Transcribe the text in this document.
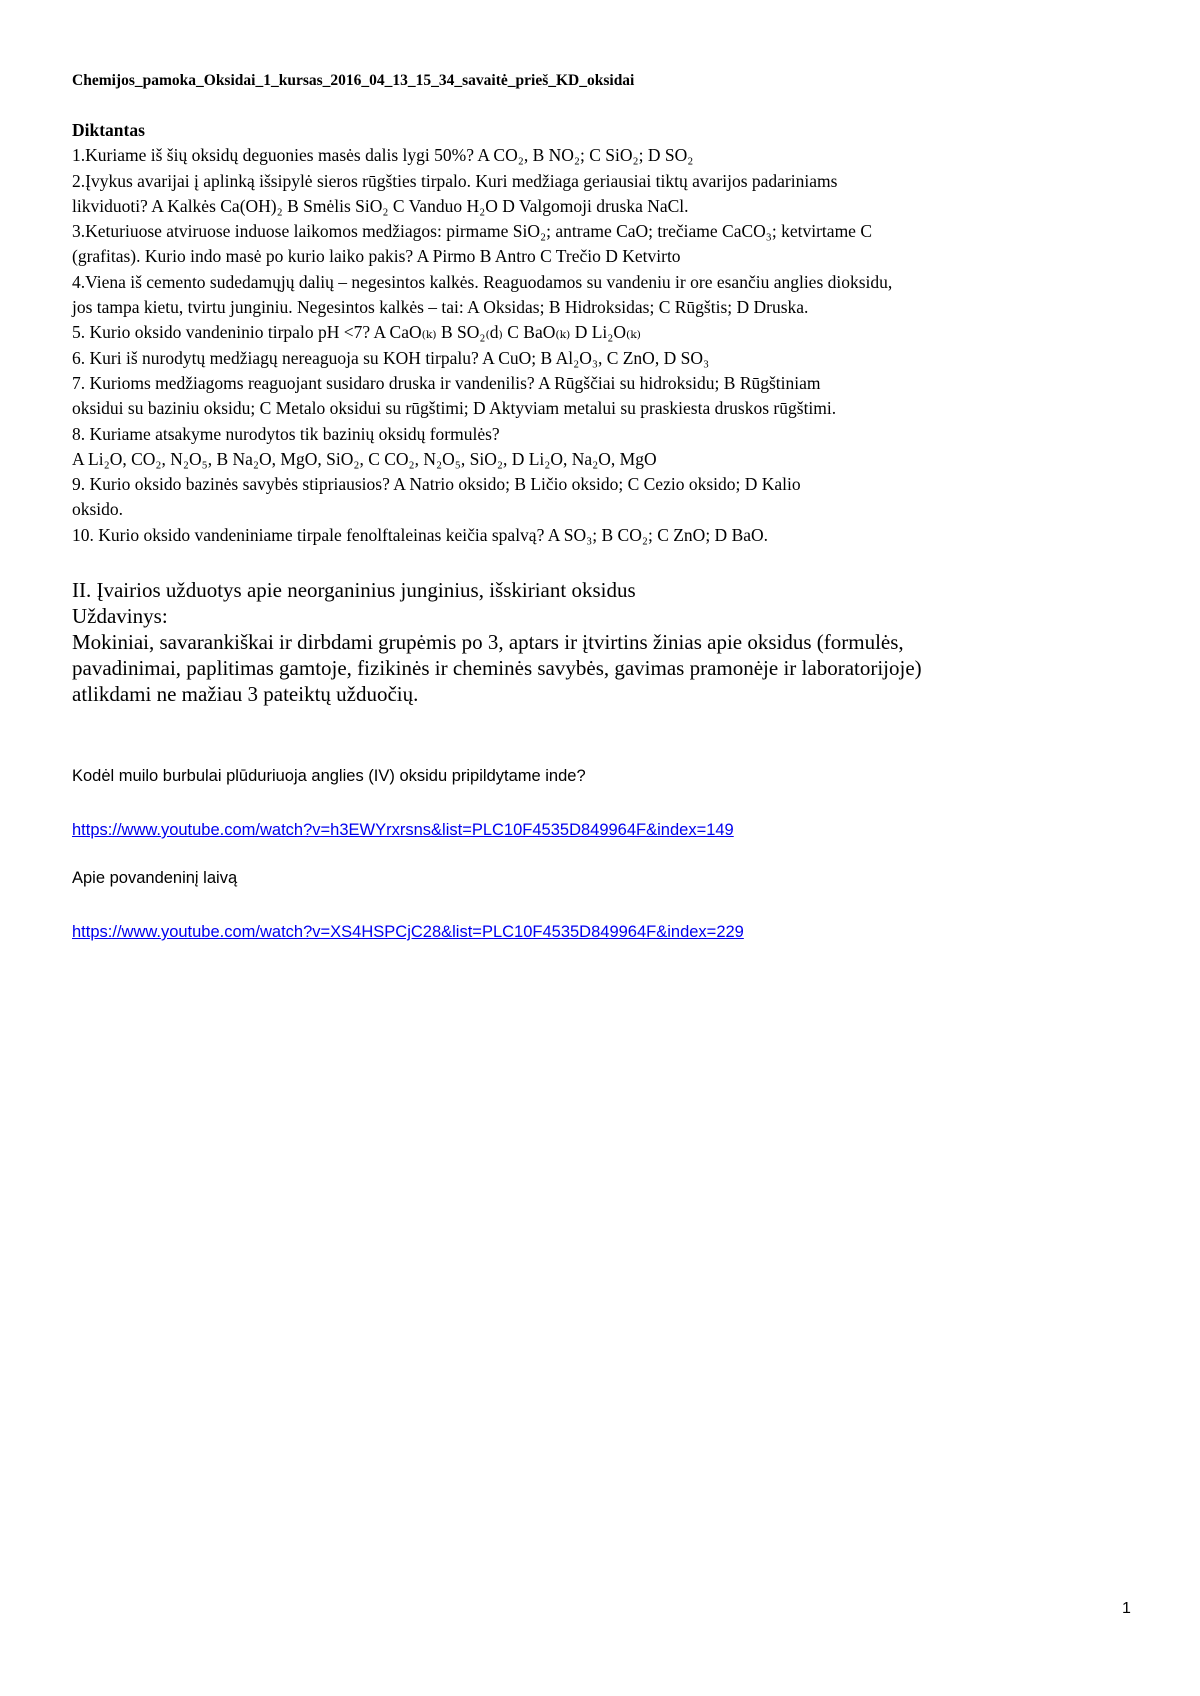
Chemijos_pamoka_Oksidai_1_kursas_2016_04_13_15_34_savaitė_prieš_KD_oksidai

Diktantas

1.Kuriame iš šių oksidų deguonies masės dalis lygi 50%? A CO₂, B NO₂; C SiO₂; D SO₂

2.Įvykus avarijai į aplinką išsipylė sieros rūgšties tirpalo. Kuri medžiaga geriausiai tiktų avarijos padariniams

likviduoti? A Kalkės Ca(OH)₂ B Smėlis SiO₂ C Vanduo H₂O D Valgomoji druska NaCl.

3.Keturiuose atviruose induose laikomos medžiagos: pirmame SiO₂; antrame CaO; trečiame CaCO₃; ketvirtame C

(grafitas). Kurio indo masė po kurio laiko pakis? A Pirmo B Antro C Trečio D Ketvirto

4.Viena iš cemento sudedamųjų dalių – negesintos kalkės. Reaguodamos su vandeniu ir ore esančiu anglies dioksidu,

jos tampa kietu, tvirtu junginiu. Negesintos kalkės – tai: A Oksidas; B Hidroksidas; C Rūgštis; D Druska.

5. Kurio oksido vandeninio tirpalo pH <7? A CaO₍ₖ₎ B SO₂₍d₎ C BaO₍ₖ₎ D Li₂O₍ₖ₎

6. Kuri iš nurodytų medžiagų nereaguoja su KOH tirpalu? A CuO; B Al₂O₃, C ZnO, D SO₃

7. Kurioms medžiagoms reaguojant susidaro druska ir vandenilis? A Rūgščiai su hidroksidu; B Rūgštiniam

oksidui su baziniu oksidu; C Metalo oksidui su rūgštimi; D Aktyviam metalui su praskiesta druskos rūgštimi.

8. Kuriame atsakyme nurodytos tik bazinių oksidų formulės?

A Li₂O, CO₂, N₂O₅, B Na₂O, MgO, SiO₂, C CO₂, N₂O₅, SiO₂, D Li₂O, Na₂O, MgO

9. Kurio oksido bazinės savybės stipriausios? A Natrio oksido; B Ličio oksido; C Cezio oksido; D Kalio

oksido.

10. Kurio oksido vandeniniame tirpale fenolftaleinas keičia spalvą? A SO₃; B CO₂; C ZnO; D BaO.

II. Įvairios užduotys apie neorganinius junginius, išskiriant oksidus

Uždavinys:

Mokiniai, savarankiškai ir dirbdami grupėmis po 3, aptars ir įtvirtins žinias apie oksidus (formulės,

pavadinimai, paplitimas gamtoje, fizikinės ir cheminės savybės, gavimas pramonėje ir laboratorijoje)

atlikdami ne mažiau 3 pateiktų užduočių.

Kodėl muilo burbulai plūduriuoja anglies (IV) oksidu pripildytame inde?
https://www.youtube.com/watch?v=h3EWYrxrsns&list=PLC10F4535D849964F&index=149
Apie povandeninį laivą
https://www.youtube.com/watch?v=XS4HSPCjC28&list=PLC10F4535D849964F&index=229
1
